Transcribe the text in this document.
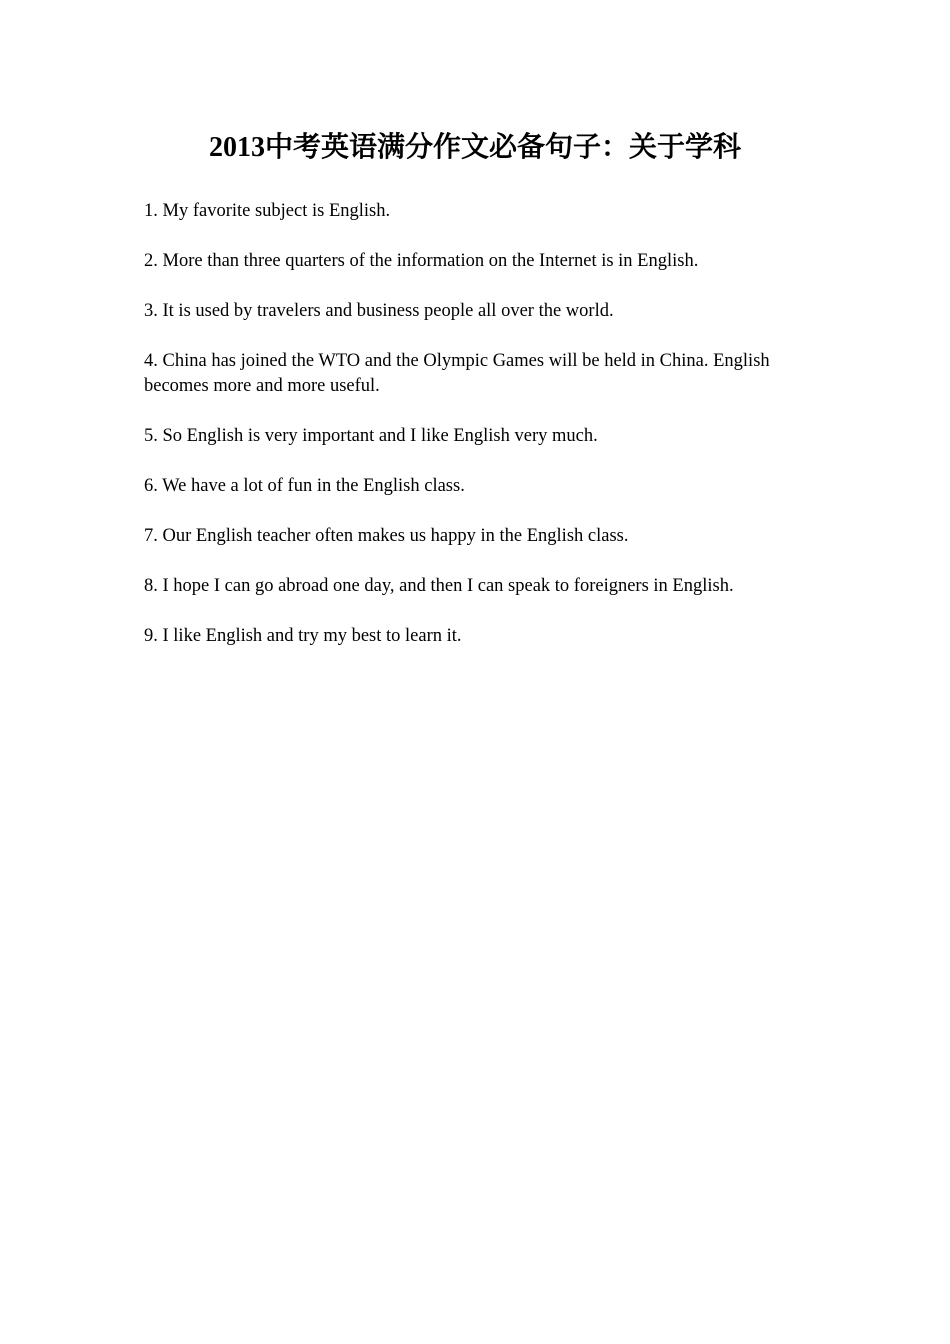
2013中考英语满分作文必备句子：关于学科

1. My favorite subject is English.

2. More than three quarters of the information on the Internet is in English.

3. It is used by travelers and business people all over the world.

4. China has joined the WTO and the Olympic Games will be held in China. English becomes more and more useful.

5. So English is very important and I like English very much.

6. We have a lot of fun in the English class.

7. Our English teacher often makes us happy in the English class.

8. I hope I can go abroad one day, and then I can speak to foreigners in English.

9. I like English and try my best to learn it.
